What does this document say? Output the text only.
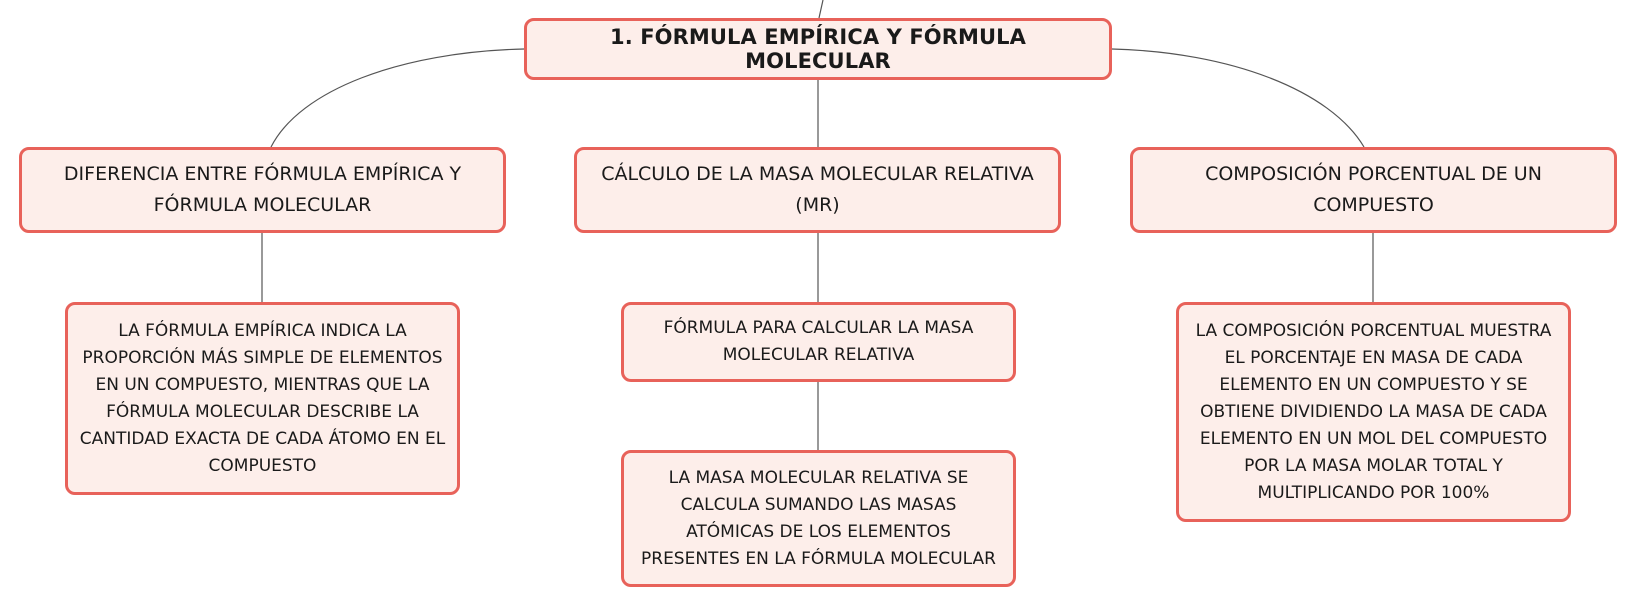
1. FÓRMULA EMPÍRICA Y FÓRMULA MOLECULAR
DIFERENCIA ENTRE FÓRMULA EMPÍRICA Y FÓRMULA MOLECULAR
CÁLCULO DE LA MASA MOLECULAR RELATIVA (MR)
COMPOSICIÓN PORCENTUAL DE UN COMPUESTO
LA FÓRMULA EMPÍRICA INDICA LA PROPORCIÓN MÁS SIMPLE DE ELEMENTOS EN UN COMPUESTO, MIENTRAS QUE LA FÓRMULA MOLECULAR DESCRIBE LA CANTIDAD EXACTA DE CADA ÁTOMO EN EL COMPUESTO
FÓRMULA PARA CALCULAR LA MASA MOLECULAR RELATIVA
LA MASA MOLECULAR RELATIVA SE CALCULA SUMANDO LAS MASAS ATÓMICAS DE LOS ELEMENTOS PRESENTES EN LA FÓRMULA MOLECULAR
LA COMPOSICIÓN PORCENTUAL MUESTRA EL PORCENTAJE EN MASA DE CADA ELEMENTO EN UN COMPUESTO Y SE OBTIENE DIVIDIENDO LA MASA DE CADA ELEMENTO EN UN MOL DEL COMPUESTO POR LA MASA MOLAR TOTAL Y MULTIPLICANDO POR 100%
